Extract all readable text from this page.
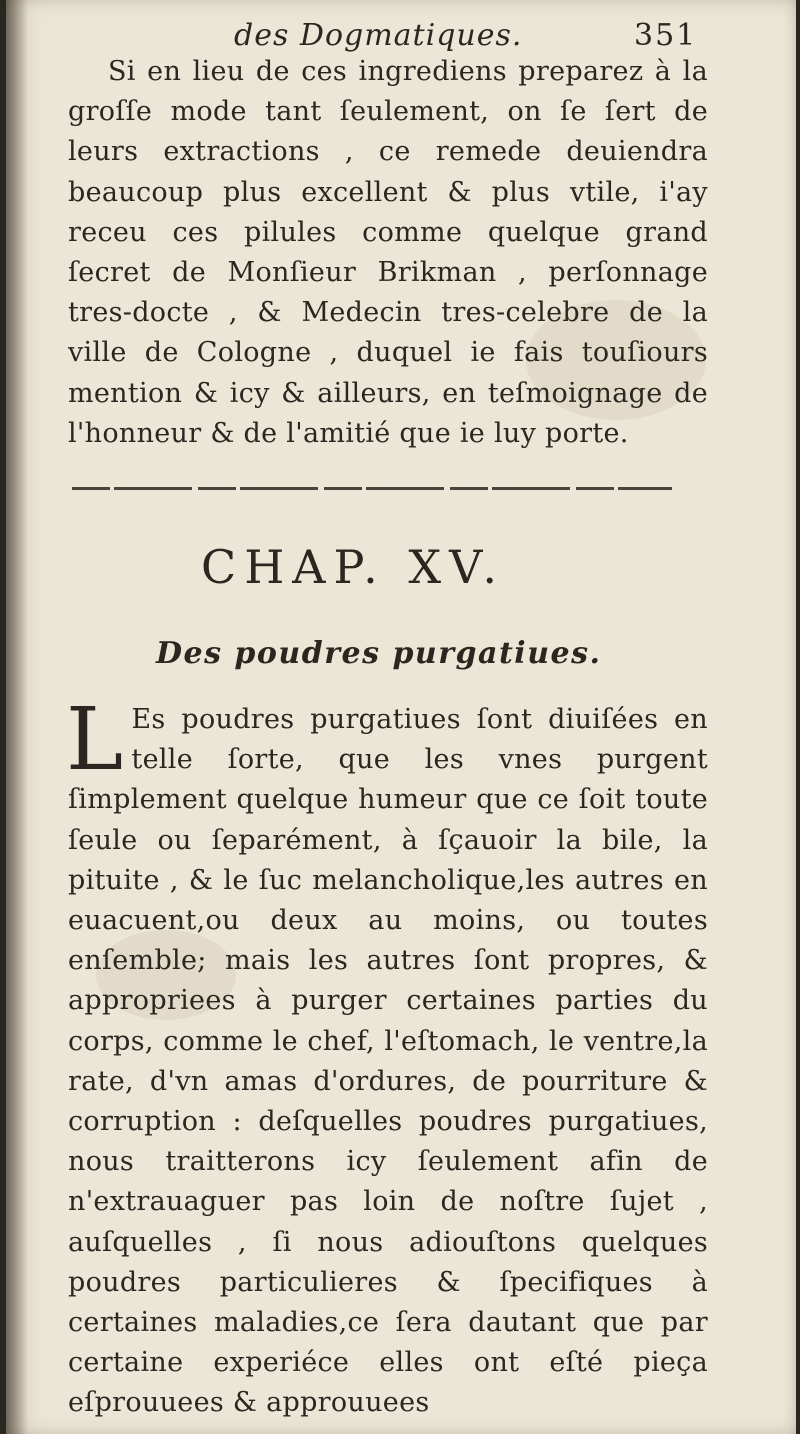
des Dogmatiques.	351

Si en lieu de ces ingrediens preparez à la groſſe mode tant ſeulement, on ſe ſert de leurs extractions , ce remede deuiendra beaucoup plus excellent & plus vtile, i'ay receu ces pilules comme quelque grand ſecret de Monſieur Brikman , perſonnage tres-docte , & Medecin tres-celebre de la ville de Cologne , duquel ie fais touſiours mention & icy & ailleurs, en teſmoignage de l'honneur & de l'amitié que ie luy porte.

CHAP. XV.
Des poudres purgatiues.

L Es poudres purgatiues ſont diuiſées en telle ſorte, que les vnes purgent ſimplement quelque humeur que ce ſoit toute ſeule ou ſeparément, à ſçauoir la bile, la pituite , & le ſuc melancholique,les autres en euacuent,ou deux au moins, ou toutes enſemble; mais les autres ſont propres, & appropriees à purger certaines parties du corps, comme le chef, l'eſtomach, le ventre,la rate, d'vn amas d'ordures, de pourriture & corruption : deſquelles poudres purgatiues, nous traitterons icy ſeulement afin de n'extrauaguer pas loin de noſtre ſujet , auſquelles , ſi nous adiouſtons quelques poudres particulieres & ſpecifiques à certaines maladies,ce ſera dautant que par certaine experiéce elles ont eſté pieça eſprouuees & approuuees
